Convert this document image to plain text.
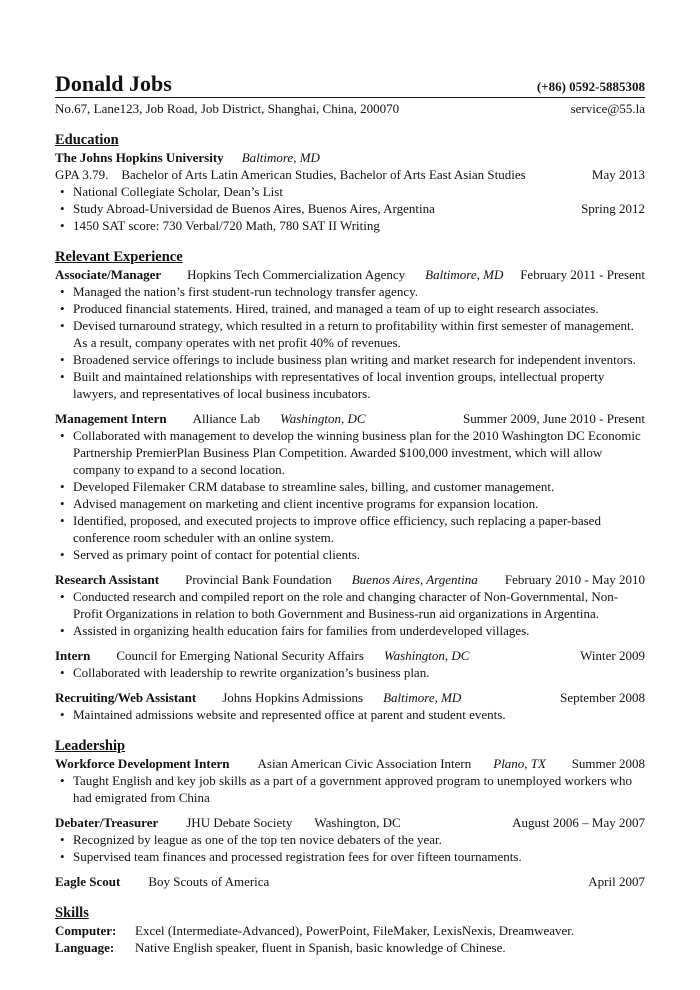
Donald Jobs	(+86) 0592-5885308
No.67, Lane123, Job Road, Job District, Shanghai, China, 200070	service@55.la
Education
The Johns Hopkins University Baltimore, MD
GPA 3.79.    Bachelor of Arts Latin American Studies, Bachelor of Arts East Asian Studies	May 2013
• National Collegiate Scholar, Dean’s List
• Study Abroad-Universidad de Buenos Aires, Buenos Aires, Argentina	Spring 2012
• 1450 SAT score: 730 Verbal/720 Math, 780 SAT II Writing
Relevant Experience
Associate/Manager Hopkins Tech Commercialization Agency Baltimore, MD February 2011 - Present
• Managed the nation’s first student-run technology transfer agency.
• Produced financial statements. Hired, trained, and managed a team of up to eight research associates.
• Devised turnaround strategy, which resulted in a return to profitability within first semester of management. As a result, company operates with net profit 40% of revenues.
• Broadened service offerings to include business plan writing and market research for independent inventors.
• Built and maintained relationships with representatives of local invention groups, intellectual property lawyers, and representatives of local business incubators.
Management Intern Alliance Lab Washington, DC	Summer 2009, June 2010 - Present
• Collaborated with management to develop the winning business plan for the 2010 Washington DC Economic Partnership PremierPlan Business Plan Competition. Awarded $100,000 investment, which will allow company to expand to a second location.
• Developed Filemaker CRM database to streamline sales, billing, and customer management.
• Advised management on marketing and client incentive programs for expansion location.
• Identified, proposed, and executed projects to improve office efficiency, such replacing a paper-based conference room scheduler with an online system.
• Served as primary point of contact for potential clients.
Research Assistant Provincial Bank Foundation Buenos Aires, Argentina February 2010 - May 2010
• Conducted research and compiled report on the role and changing character of Non-Governmental, Non-Profit Organizations in relation to both Government and Business-run aid organizations in Argentina.
• Assisted in organizing health education fairs for families from underdeveloped villages.
Intern Council for Emerging National Security Affairs Washington, DC	Winter 2009
• Collaborated with leadership to rewrite organization’s business plan.
Recruiting/Web Assistant Johns Hopkins Admissions Baltimore, MD	September 2008
• Maintained admissions website and represented office at parent and student events.
Leadership
Workforce Development Intern Asian American Civic Association Intern Plano, TX Summer 2008
• Taught English and key job skills as a part of a government approved program to unemployed workers who had emigrated from China
Debater/Treasurer JHU Debate Society Washington, DC	August 2006 – May 2007
• Recognized by league as one of the top ten novice debaters of the year.
• Supervised team finances and processed registration fees for over fifteen tournaments.
Eagle Scout Boy Scouts of America	April 2007
Skills
Computer:	Excel (Intermediate-Advanced), PowerPoint, FileMaker, LexisNexis, Dreamweaver.
Language:	Native English speaker, fluent in Spanish, basic knowledge of Chinese.
